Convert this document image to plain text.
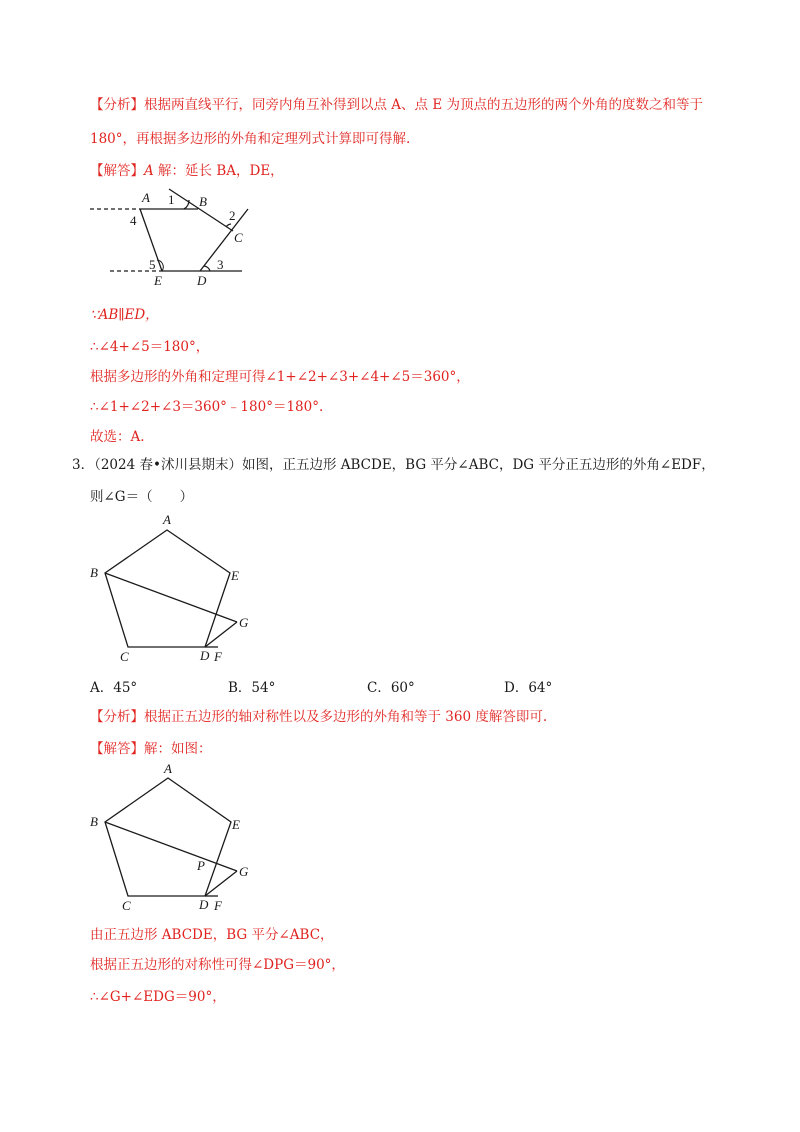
【分析】根据两直线平行，同旁内角互补得到以点 A、点 E 为顶点的五边形的两个外角的度数之和等于
180°，再根据多边形的外角和定理列式计算即可得解.
【解答】A 解：延长 BA，DE，
A	B
C
D
E
1
2
3
4
5
∵AB∥ED，
∴∠4+∠5＝180°，
根据多边形的外角和定理可得∠1+∠2+∠3+∠4+∠5＝360°，
∴∠1+∠2+∠3＝360°﹣180°＝180°.
故选：A.
3．（2024 春•沭川县期末）如图，正五边形 ABCDE，BG 平分∠ABC，DG 平分正五边形的外角∠EDF，
则∠G＝（　　）
A
B
C	D
E
F
G
A．45°	B．54°	C．60°	D．64°
【分析】根据正五边形的轴对称性以及多边形的外角和等于 360 度解答即可.
【解答】解：如图：
A
B
C	D
E
F
G
P
由正五边形 ABCDE，BG 平分∠ABC，
根据正五边形的对称性可得∠DPG＝90°，
∴∠G+∠EDG＝90°，
